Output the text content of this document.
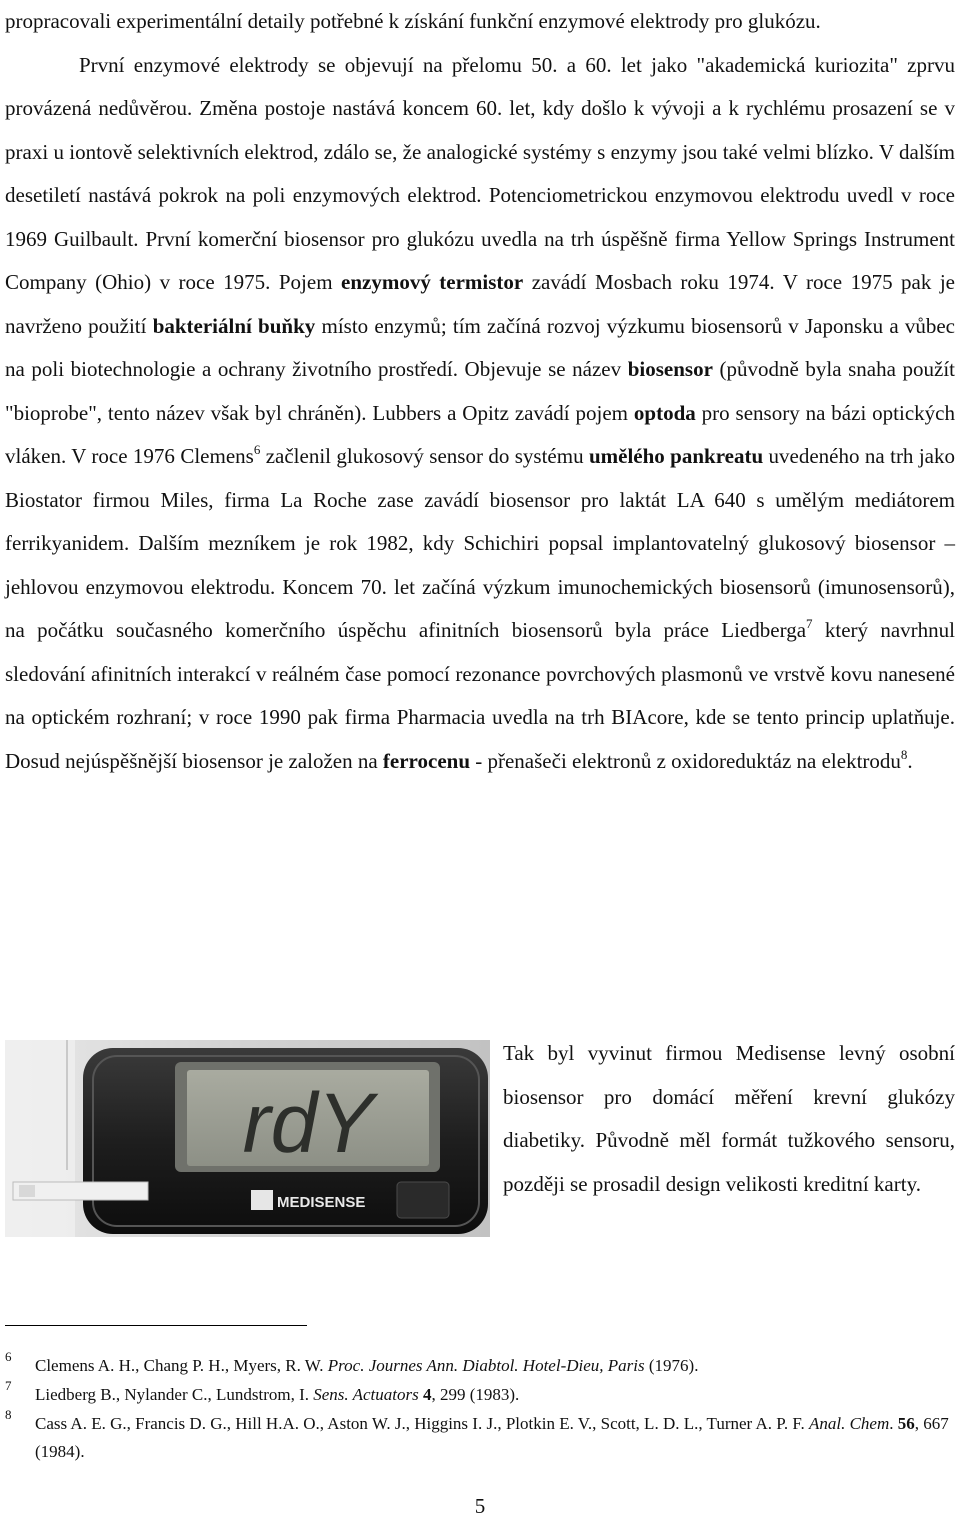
propracovali experimentální detaily potřebné k získání funkční enzymové elektrody pro glukózu.

První enzymové elektrody se objevují na přelomu 50. a 60. let jako "akademická kuriozita" zprvu provázená nedůvěrou. Změna postoje nastává koncem 60. let, kdy došlo k vývoji a k rychlému prosazení se v praxi u iontově selektivních elektrod, zdálo se, že analogické systémy s enzymy jsou také velmi blízko. V dalším desetiletí nastává pokrok na poli enzymových elektrod. Potenciometrickou enzymovou elektrodu uvedl v roce 1969 Guilbault. První komerční biosensor pro glukózu uvedla na trh úspěšně firma Yellow Springs Instrument Company (Ohio) v roce 1975. Pojem enzymový termistor zavádí Mosbach roku 1974. V roce 1975 pak je navrženo použití bakteriální buňky místo enzymů; tím začíná rozvoj výzkumu biosensorů v Japonsku a vůbec na poli biotechnologie a ochrany životního prostředí. Objevuje se název biosensor (původně byla snaha použít "bioprobe", tento název však byl chráněn). Lubbers a Opitz zavádí pojem optoda pro sensory na bázi optických vláken. V roce 1976 Clemens$^6$ začlenil glukosový sensor do systému umělého pankreatu uvedeného na trh jako Biostator firmou Miles, firma La Roche zase zavádí biosensor pro laktát LA 640 s umělým mediátorem ferrikyanidem. Dalším mezníkem je rok 1982, kdy Schichiri popsal implantovatelný glukosový biosensor – jehlovou enzymovou elektrodu. Koncem 70. let začíná výzkum imunochemických biosensorů (imunosensorů), na počátku současného komerčního úspěchu afinitních biosensorů byla práce Liedberga$^7$ který navrhnul sledování afinitních interakcí v reálném čase pomocí rezonance povrchových plasmonů ve vrstvě kovu nanesené na optickém rozhraní; v roce 1990 pak firma Pharmacia uvedla na trh BIAcore, kde se tento princip uplatňuje. Dosud nejúspěšnější biosensor je založen na ferrocenu - přenašeči elektronů z oxidoreduktáz na elektrodu$^8$.

rdY
MEDISENSE

Tak byl vyvinut firmou Medisense levný osobní biosensor pro domácí měření krevní glukózy diabetiky. Původně měl formát tužkového sensoru, později se prosadil design velikosti kreditní karty.

6	Clemens A. H., Chang P. H., Myers, R. W. Proc. Journes Ann. Diabtol. Hotel-Dieu, Paris (1976).
7	Liedberg B., Nylander C., Lundstrom, I. Sens. Actuators 4, 299 (1983).
8	Cass A. E. G., Francis D. G., Hill H.A. O., Aston W. J., Higgins I. J., Plotkin E. V., Scott, L. D. L., Turner A. P. F. Anal. Chem. 56, 667 (1984).
5
